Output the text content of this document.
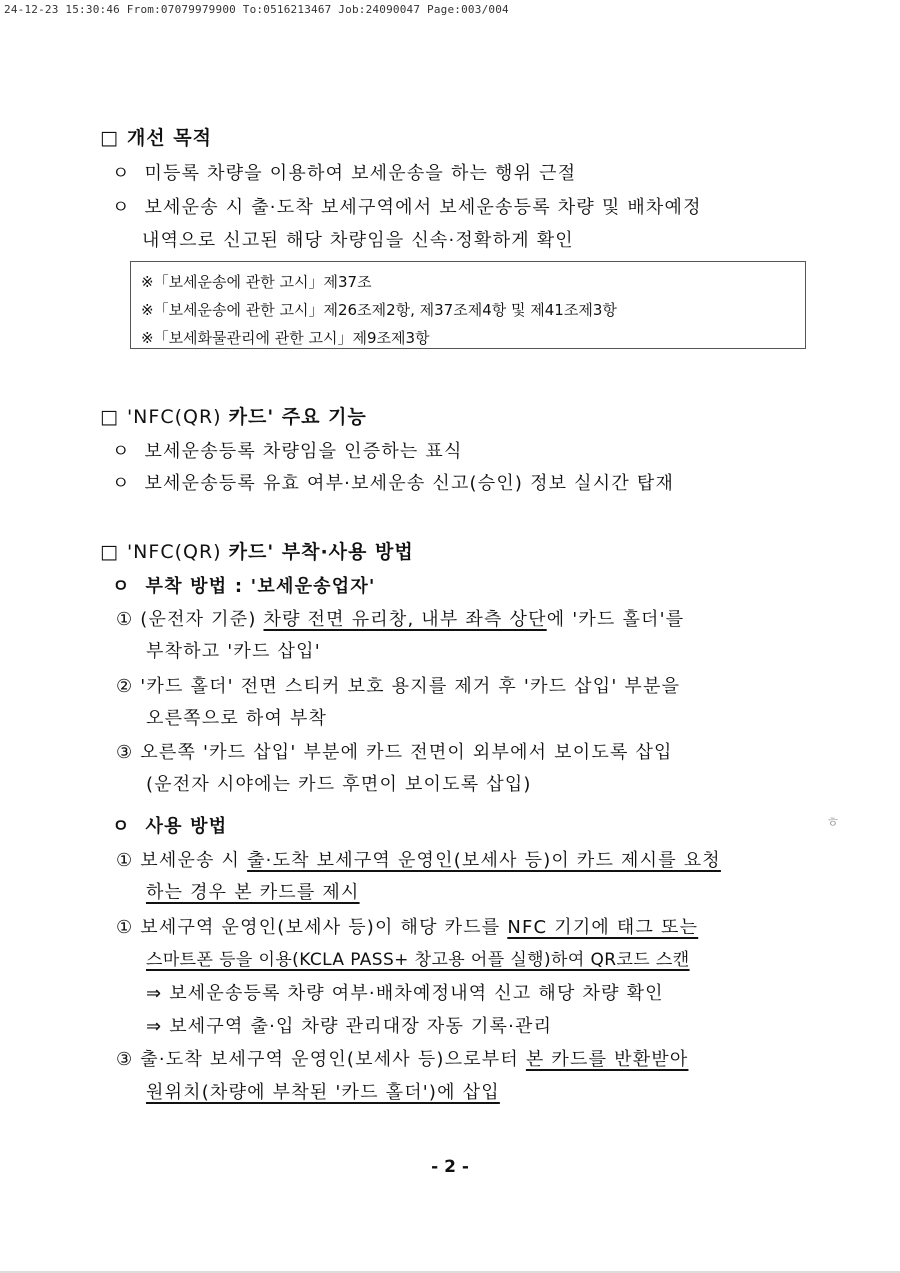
24-12-23 15:30:46 From:07079979900 To:0516213467 Job:24090047 Page:003/004
□ 개선 목적
ㅇ 미등록 차량을 이용하여 보세운송을 하는 행위 근절
ㅇ 보세운송 시 출·도착 보세구역에서 보세운송등록 차량 및 배차예정
내역으로 신고된 해당 차량임을 신속·정확하게 확인
※「보세운송에 관한 고시」제37조
※「보세운송에 관한 고시」제26조제2항, 제37조제4항 및 제41조제3항
※「보세화물관리에 관한 고시」제9조제3항
□ 'NFC(QR) 카드' 주요 기능
ㅇ 보세운송등록 차량임을 인증하는 표식
ㅇ 보세운송등록 유효 여부·보세운송 신고(승인) 정보 실시간 탑재
□ 'NFC(QR) 카드' 부착·사용 방법
ㅇ 부착 방법 : '보세운송업자'
① (운전자 기준) 차량 전면 유리창, 내부 좌측 상단에 '카드 홀더'를
부착하고 '카드 삽입'
② '카드 홀더' 전면 스티커 보호 용지를 제거 후 '카드 삽입' 부분을
오른쪽으로 하여 부착
③ 오른쪽 '카드 삽입' 부분에 카드 전면이 외부에서 보이도록 삽입
(운전자 시야에는 카드 후면이 보이도록 삽입)
ㅇ 사용 방법	ㅎ
① 보세운송 시 출·도착 보세구역 운영인(보세사 등)이 카드 제시를 요청
하는 경우 본 카드를 제시
① 보세구역 운영인(보세사 등)이 해당 카드를 NFC 기기에 태그 또는
스마트폰 등을 이용(KCLA PASS+ 창고용 어플 실행)하여 QR코드 스캔
⇒ 보세운송등록 차량 여부·배차예정내역 신고 해당 차량 확인
⇒ 보세구역 출·입 차량 관리대장 자동 기록·관리
③ 출·도착 보세구역 운영인(보세사 등)으로부터 본 카드를 반환받아
원위치(차량에 부착된 '카드 홀더')에 삽입
- 2 -
